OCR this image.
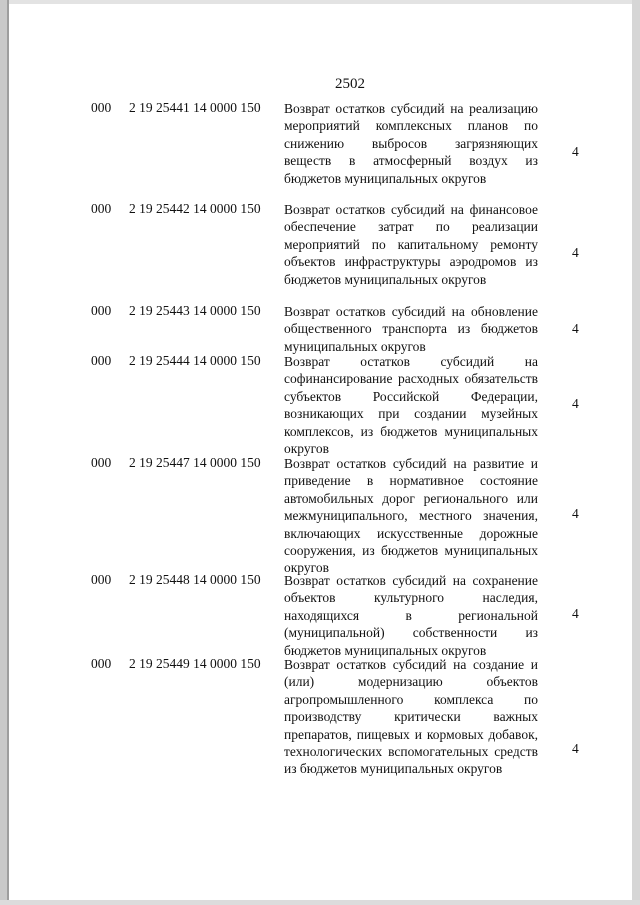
2502
000 2 19 25441 14 0000 150 Возврат остатков субсидий на реализацию мероприятий комплексных планов по снижению выбросов загрязняющих веществ в атмосферный воздух из бюджетов муниципальных округов
4
000 2 19 25442 14 0000 150 Возврат остатков субсидий на финансовое обеспечение затрат по реализации мероприятий по капитальному ремонту объектов инфраструктуры аэродромов из бюджетов муниципальных округов
4
000 2 19 25443 14 0000 150 Возврат остатков субсидий на обновление общественного транспорта из бюджетов муниципальных округов
4
000 2 19 25444 14 0000 150 Возврат остатков субсидий на софинансирование расходных обязательств субъектов Российской Федерации, возникающих при создании музейных комплексов, из бюджетов муниципальных округов
4
000 2 19 25447 14 0000 150 Возврат остатков субсидий на развитие и приведение в нормативное состояние автомобильных дорог регионального или межмуниципального, местного значения, включающих искусственные дорожные сооружения, из бюджетов муниципальных округов
4
000 2 19 25448 14 0000 150 Возврат остатков субсидий на сохранение объектов культурного наследия, находящихся в региональной (муниципальной) собственности из бюджетов муниципальных округов
4
000 2 19 25449 14 0000 150 Возврат остатков субсидий на создание и (или) модернизацию объектов агропромышленного комплекса по производству критически важных препаратов, пищевых и кормовых добавок, технологических вспомогательных средств из бюджетов муниципальных округов
4
